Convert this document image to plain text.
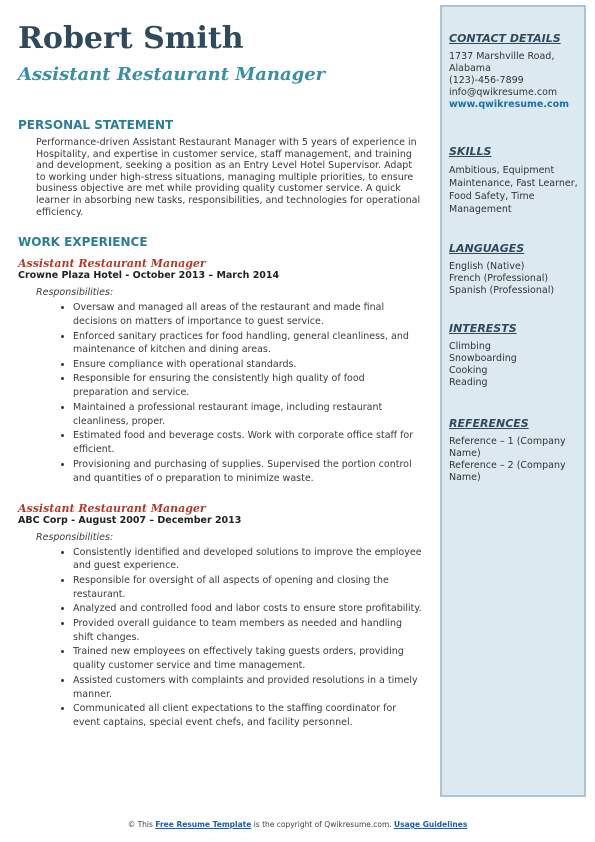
Robert Smith
Assistant Restaurant Manager
PERSONAL STATEMENT
Performance-driven Assistant Restaurant Manager with 5 years of experience in Hospitality, and expertise in customer service, staff management, and training and development, seeking a position as an Entry Level Hotel Supervisor. Adapt to working under high-stress situations, managing multiple priorities, to ensure business objective are met while providing quality customer service. A quick learner in absorbing new tasks, responsibilities, and technologies for operational efficiency.
WORK EXPERIENCE
Assistant Restaurant Manager
Crowne Plaza Hotel - October 2013 – March 2014
Responsibilities:
• Oversaw and managed all areas of the restaurant and made final decisions on matters of importance to guest service.
• Enforced sanitary practices for food handling, general cleanliness, and maintenance of kitchen and dining areas.
• Ensure compliance with operational standards.
• Responsible for ensuring the consistently high quality of food preparation and service.
• Maintained a professional restaurant image, including restaurant cleanliness, proper.
• Estimated food and beverage costs. Work with corporate office staff for efficient.
• Provisioning and purchasing of supplies. Supervised the portion control and quantities of o preparation to minimize waste.
Assistant Restaurant Manager
ABC Corp - August 2007 – December 2013
Responsibilities:
• Consistently identified and developed solutions to improve the employee and guest experience.
• Responsible for oversight of all aspects of opening and closing the restaurant.
• Analyzed and controlled food and labor costs to ensure store profitability.
• Provided overall guidance to team members as needed and handling shift changes.
• Trained new employees on effectively taking guests orders, providing quality customer service and time management.
• Assisted customers with complaints and provided resolutions in a timely manner.
• Communicated all client expectations to the staffing coordinator for event captains, special event chefs, and facility personnel.
CONTACT DETAILS
1737 Marshville Road,
Alabama
(123)-456-7899
info@qwikresume.com
www.qwikresume.com
SKILLS
Ambitious, Equipment Maintenance, Fast Learner, Food Safety, Time Management
LANGUAGES
English (Native)
French (Professional)
Spanish (Professional)
INTERESTS
Climbing
Snowboarding
Cooking
Reading
REFERENCES
Reference – 1 (Company Name)
Reference – 2 (Company Name)
© This Free Resume Template is the copyright of Qwikresume.com. Usage Guidelines
